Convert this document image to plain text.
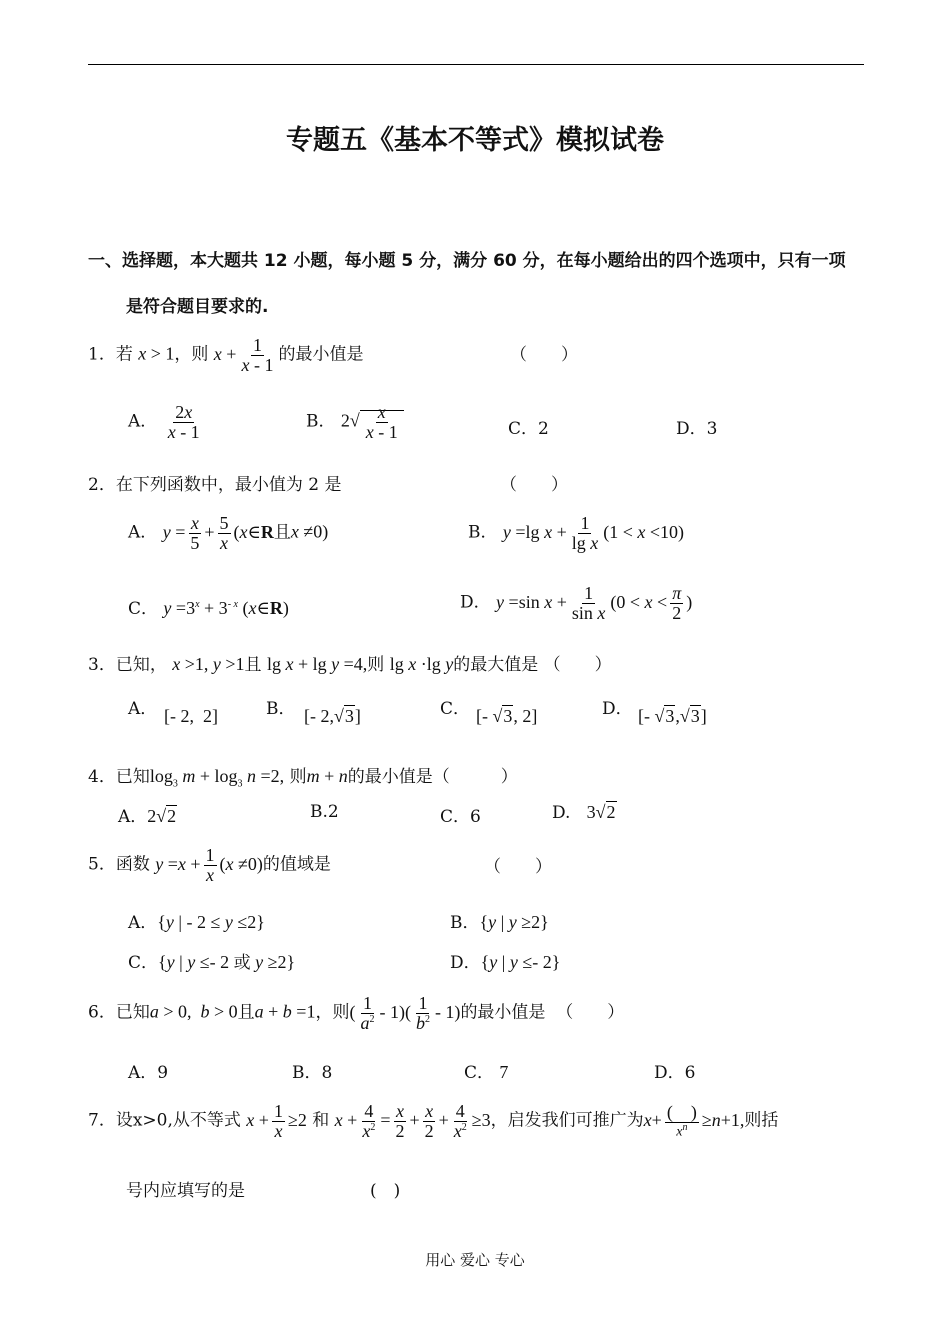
专题五《基本不等式》模拟试卷
一、选择题，本大题共 12 小题，每小题 5 分，满分 60 分，在每小题给出的四个选项中，只有一项
是符合题目要求的.
1．若 x > 1，则 $x + \frac{1}{x - 1}$ 的最小值是	（　　）
A． $\frac{2x}{x - 1}$	B． $2√ \frac{x}{x - 1}$	C．2	D．3
2．在下列函数中，最小值为 2 是	（　　）
A． $y = \frac{x}{5} + \frac{5}{x}$ (x∈R且x ≠0)	B． y =lg $x + \frac{1}{\text{lg x}} (1 < x <10)$
C． $y =3^x + 3^{- x}$ (x∈R)	D． y =sin $x + \frac{1}{\text{sin x}} (0 < x < \frac{\pi}{2}$ )
3．已知， x >1, y >1且 lg x + lg y =4,则 lg x ·lg y的最大值是 （　　）
A． [- 2,  2]	B． [- 2,√3]	C． [- √3, 2]	D． [- √3,√3]
4．已知$\log_3 m + \log_3 n =2$, 则m + n的最小值是（　　　）
A．2√2	B.2	C．6	D. 3√2
5．函数 $y =x + \frac{1}{x} (x \ne 0)$的值域是	（　　）
A．{y | - 2 ≤ y ≤2}	B．{y | y ≥2}
C．{y | y ≤- 2 或 y ≥2}	D．{y | y ≤- 2}
6．已知a > 0,  b > 0且a + b =1，则( $\frac{1}{a^2} - 1)( \frac{1}{b^2} - 1)$的最小值是 （　　）
A．9	B．8	C． 7	D．6
7．设x>0,从不等式 $x + \frac{1}{x} \ge 2$ 和 $x + \frac{4}{x^2} = \frac{x}{2} + \frac{x}{2} + \frac{4}{x^2} \ge 3$，启发我们可推广为$x+ \frac{( )}{x^n} \ge n+1$,则括
号内应填写的是	(　)
用心 爱心 专心
